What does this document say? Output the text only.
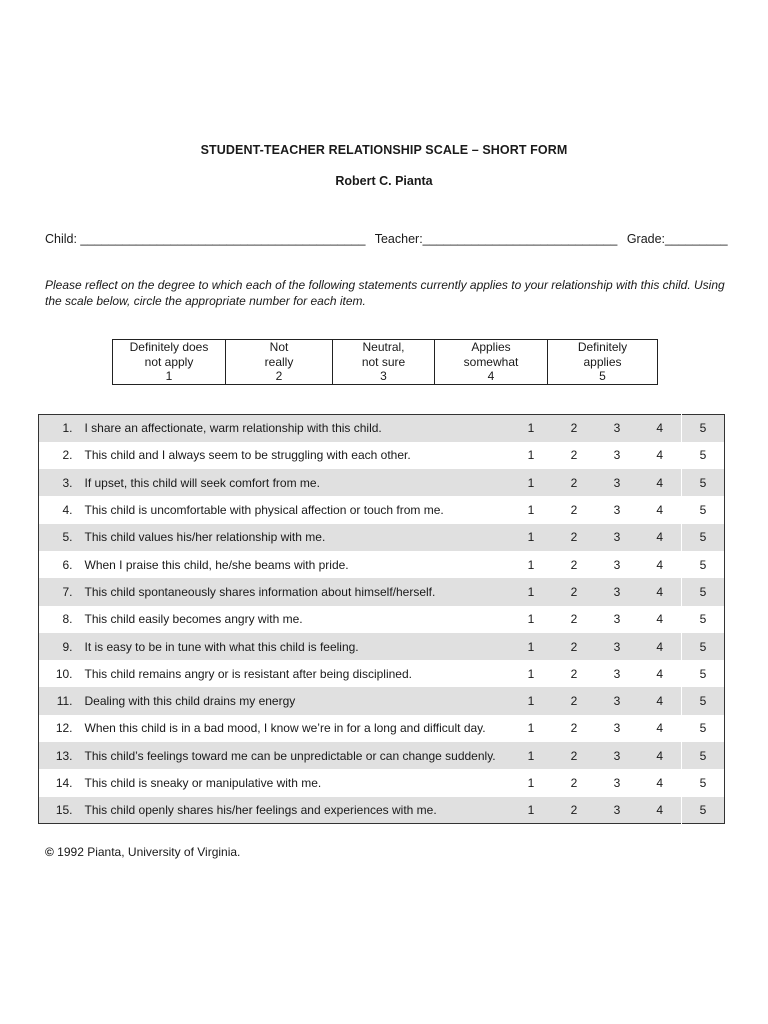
STUDENT-TEACHER RELATIONSHIP SCALE – SHORT FORM
Robert C. Pianta
Child: _________________________________________ Teacher:____________________________ Grade:_________
Please reflect on the degree to which each of the following statements currently applies to your relationship with this child. Using the scale below, circle the appropriate number for each item.
Definitely does
not apply
1

Not
really
2

Neutral,
not sure
3

Applies
somewhat
4

Definitely
applies
5
1.	I share an affectionate, warm relationship with this child.	1	2	3	4	5
2.	This child and I always seem to be struggling with each other.	1	2	3	4	5
3.	If upset, this child will seek comfort from me.	1	2	3	4	5
4.	This child is uncomfortable with physical affection or touch from me.	1	2	3	4	5
5.	This child values his/her relationship with me.	1	2	3	4	5
6.	When I praise this child, he/she beams with pride.	1	2	3	4	5
7.	This child spontaneously shares information about himself/herself.	1	2	3	4	5
8.	This child easily becomes angry with me.	1	2	3	4	5
9.	It is easy to be in tune with what this child is feeling.	1	2	3	4	5
10.	This child remains angry or is resistant after being disciplined.	1	2	3	4	5
11.	Dealing with this child drains my energy	1	2	3	4	5
12.	When this child is in a bad mood, I know we’re in for a long and difficult day.	1	2	3	4	5
13.	This child’s feelings toward me can be unpredictable or can change suddenly.	1	2	3	4	5
14.	This child is sneaky or manipulative with me.	1	2	3	4	5
15.	This child openly shares his/her feelings and experiences with me.	1	2	3	4	5
© 1992 Pianta, University of Virginia.
